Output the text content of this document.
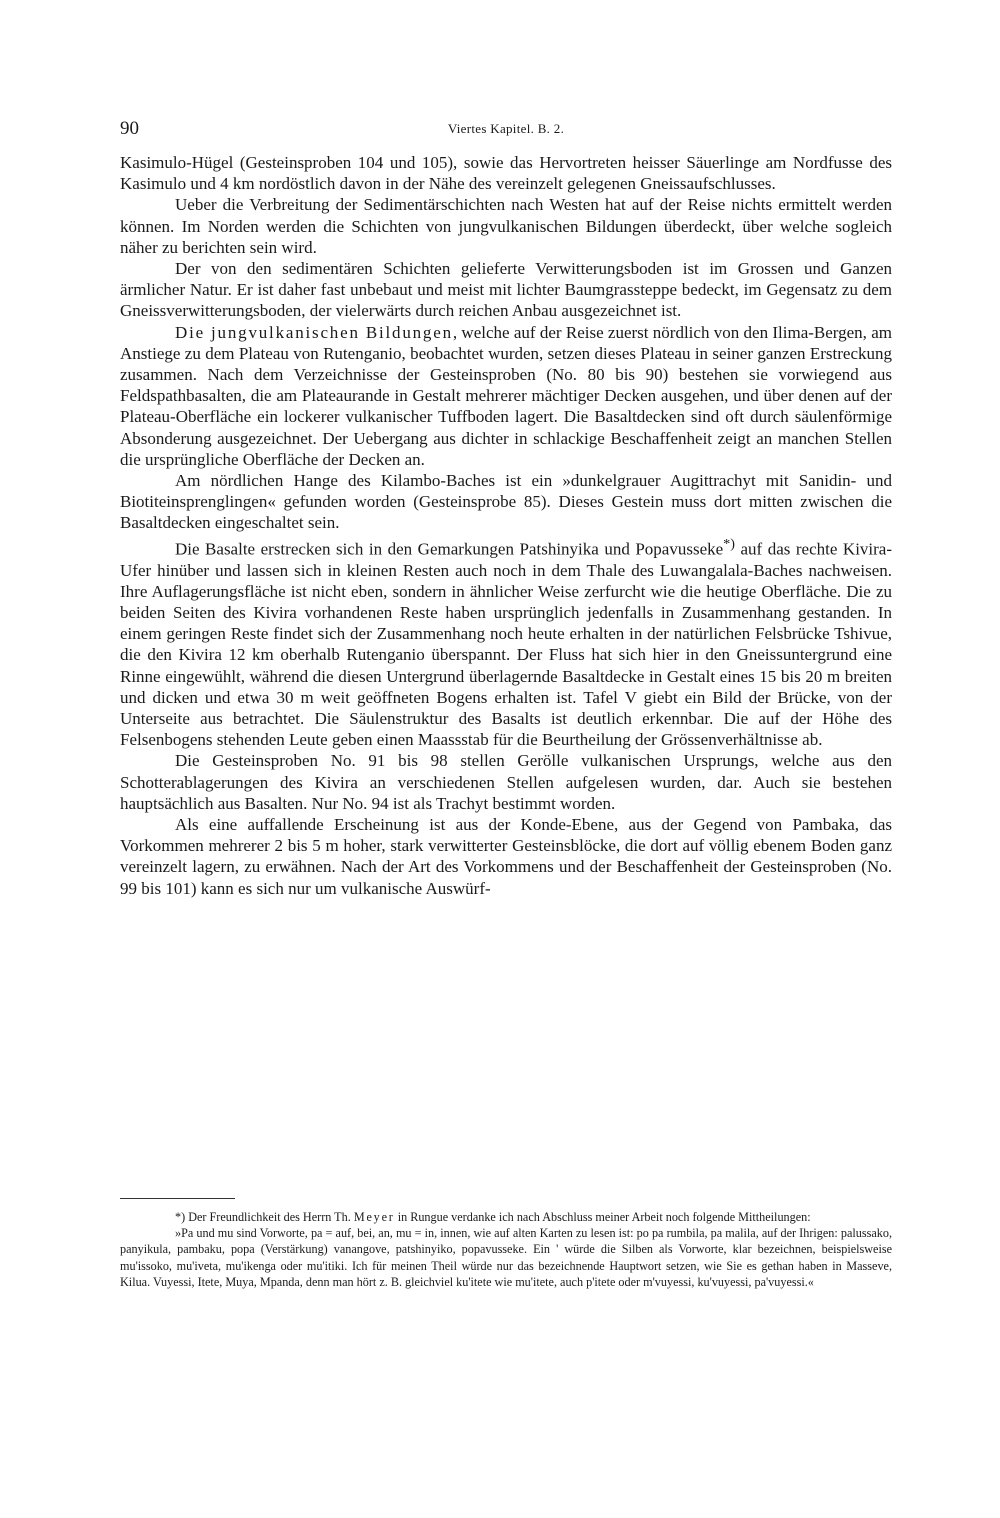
90	Viertes Kapitel. B. 2.

Kasimulo-Hügel (Gesteinsproben 104 und 105), sowie das Hervortreten heisser Säuerlinge am Nordfusse des Kasimulo und 4 km nordöstlich davon in der Nähe des vereinzelt gelegenen Gneissaufschlusses.

Ueber die Verbreitung der Sedimentärschichten nach Westen hat auf der Reise nichts ermittelt werden können. Im Norden werden die Schichten von jungvulkanischen Bildungen überdeckt, über welche sogleich näher zu berichten sein wird.

Der von den sedimentären Schichten gelieferte Verwitterungsboden ist im Grossen und Ganzen ärmlicher Natur. Er ist daher fast unbebaut und meist mit lichter Baumgrassteppe bedeckt, im Gegensatz zu dem Gneissverwitterungsboden, der vielerwärts durch reichen Anbau ausgezeichnet ist.

Die jungvulkanischen Bildungen, welche auf der Reise zuerst nördlich von den Ilima-Bergen, am Anstiege zu dem Plateau von Rutenganio, beobachtet wurden, setzen dieses Plateau in seiner ganzen Erstreckung zusammen. Nach dem Verzeichnisse der Gesteinsproben (No. 80 bis 90) bestehen sie vorwiegend aus Feldspathbasalten, die am Plateaurande in Gestalt mehrerer mächtiger Decken ausgehen, und über denen auf der Plateau-Oberfläche ein lockerer vulkanischer Tuffboden lagert. Die Basaltdecken sind oft durch säulenförmige Absonderung ausgezeichnet. Der Uebergang aus dichter in schlackige Beschaffenheit zeigt an manchen Stellen die ursprüngliche Oberfläche der Decken an.

Am nördlichen Hange des Kilambo-Baches ist ein »dunkelgrauer Augittrachyt mit Sanidin- und Biotiteinsprenglingen« gefunden worden (Gesteinsprobe 85). Dieses Gestein muss dort mitten zwischen die Basaltdecken eingeschaltet sein.

Die Basalte erstrecken sich in den Gemarkungen Patshinyika und Popavusseke*) auf das rechte Kivira-Ufer hinüber und lassen sich in kleinen Resten auch noch in dem Thale des Luwangalala-Baches nachweisen. Ihre Auflagerungsfläche ist nicht eben, sondern in ähnlicher Weise zerfurcht wie die heutige Oberfläche. Die zu beiden Seiten des Kivira vorhandenen Reste haben ursprünglich jedenfalls in Zusammenhang gestanden. In einem geringen Reste findet sich der Zusammenhang noch heute erhalten in der natürlichen Felsbrücke Tshivue, die den Kivira 12 km oberhalb Rutenganio überspannt. Der Fluss hat sich hier in den Gneissuntergrund eine Rinne eingewühlt, während die diesen Untergrund überlagernde Basaltdecke in Gestalt eines 15 bis 20 m breiten und dicken und etwa 30 m weit geöffneten Bogens erhalten ist. Tafel V giebt ein Bild der Brücke, von der Unterseite aus betrachtet. Die Säulenstruktur des Basalts ist deutlich erkennbar. Die auf der Höhe des Felsenbogens stehenden Leute geben einen Maassstab für die Beurtheilung der Grössenverhältnisse ab.

Die Gesteinsproben No. 91 bis 98 stellen Gerölle vulkanischen Ursprungs, welche aus den Schotterablagerungen des Kivira an verschiedenen Stellen aufgelesen wurden, dar. Auch sie bestehen hauptsächlich aus Basalten. Nur No. 94 ist als Trachyt bestimmt worden.

Als eine auffallende Erscheinung ist aus der Konde-Ebene, aus der Gegend von Pambaka, das Vorkommen mehrerer 2 bis 5 m hoher, stark verwitterter Gesteinsblöcke, die dort auf völlig ebenem Boden ganz vereinzelt lagern, zu erwähnen. Nach der Art des Vorkommens und der Beschaffenheit der Gesteinsproben (No. 99 bis 101) kann es sich nur um vulkanische Auswürf-

*) Der Freundlichkeit des Herrn Th. Meyer in Rungue verdanke ich nach Abschluss meiner Arbeit noch folgende Mittheilungen:

»Pa und mu sind Vorworte, pa = auf, bei, an, mu = in, innen, wie auf alten Karten zu lesen ist: po pa rumbila, pa malila, auf der Ihrigen: palussako, panyikula, pambaku, popa (Verstärkung) vanangove, patshinyiko, popavusseke. Ein ' würde die Silben als Vorworte, klar bezeichnen, beispielsweise mu'issoko, mu'iveta, mu'ikenga oder mu'itiki. Ich für meinen Theil würde nur das bezeichnende Hauptwort setzen, wie Sie es gethan haben in Masseve, Kilua. Vuyessi, Itete, Muya, Mpanda, denn man hört z. B. gleichviel ku'itete wie mu'itete, auch p'itete oder m'vuyessi, ku'vuyessi, pa'vuyessi.«
